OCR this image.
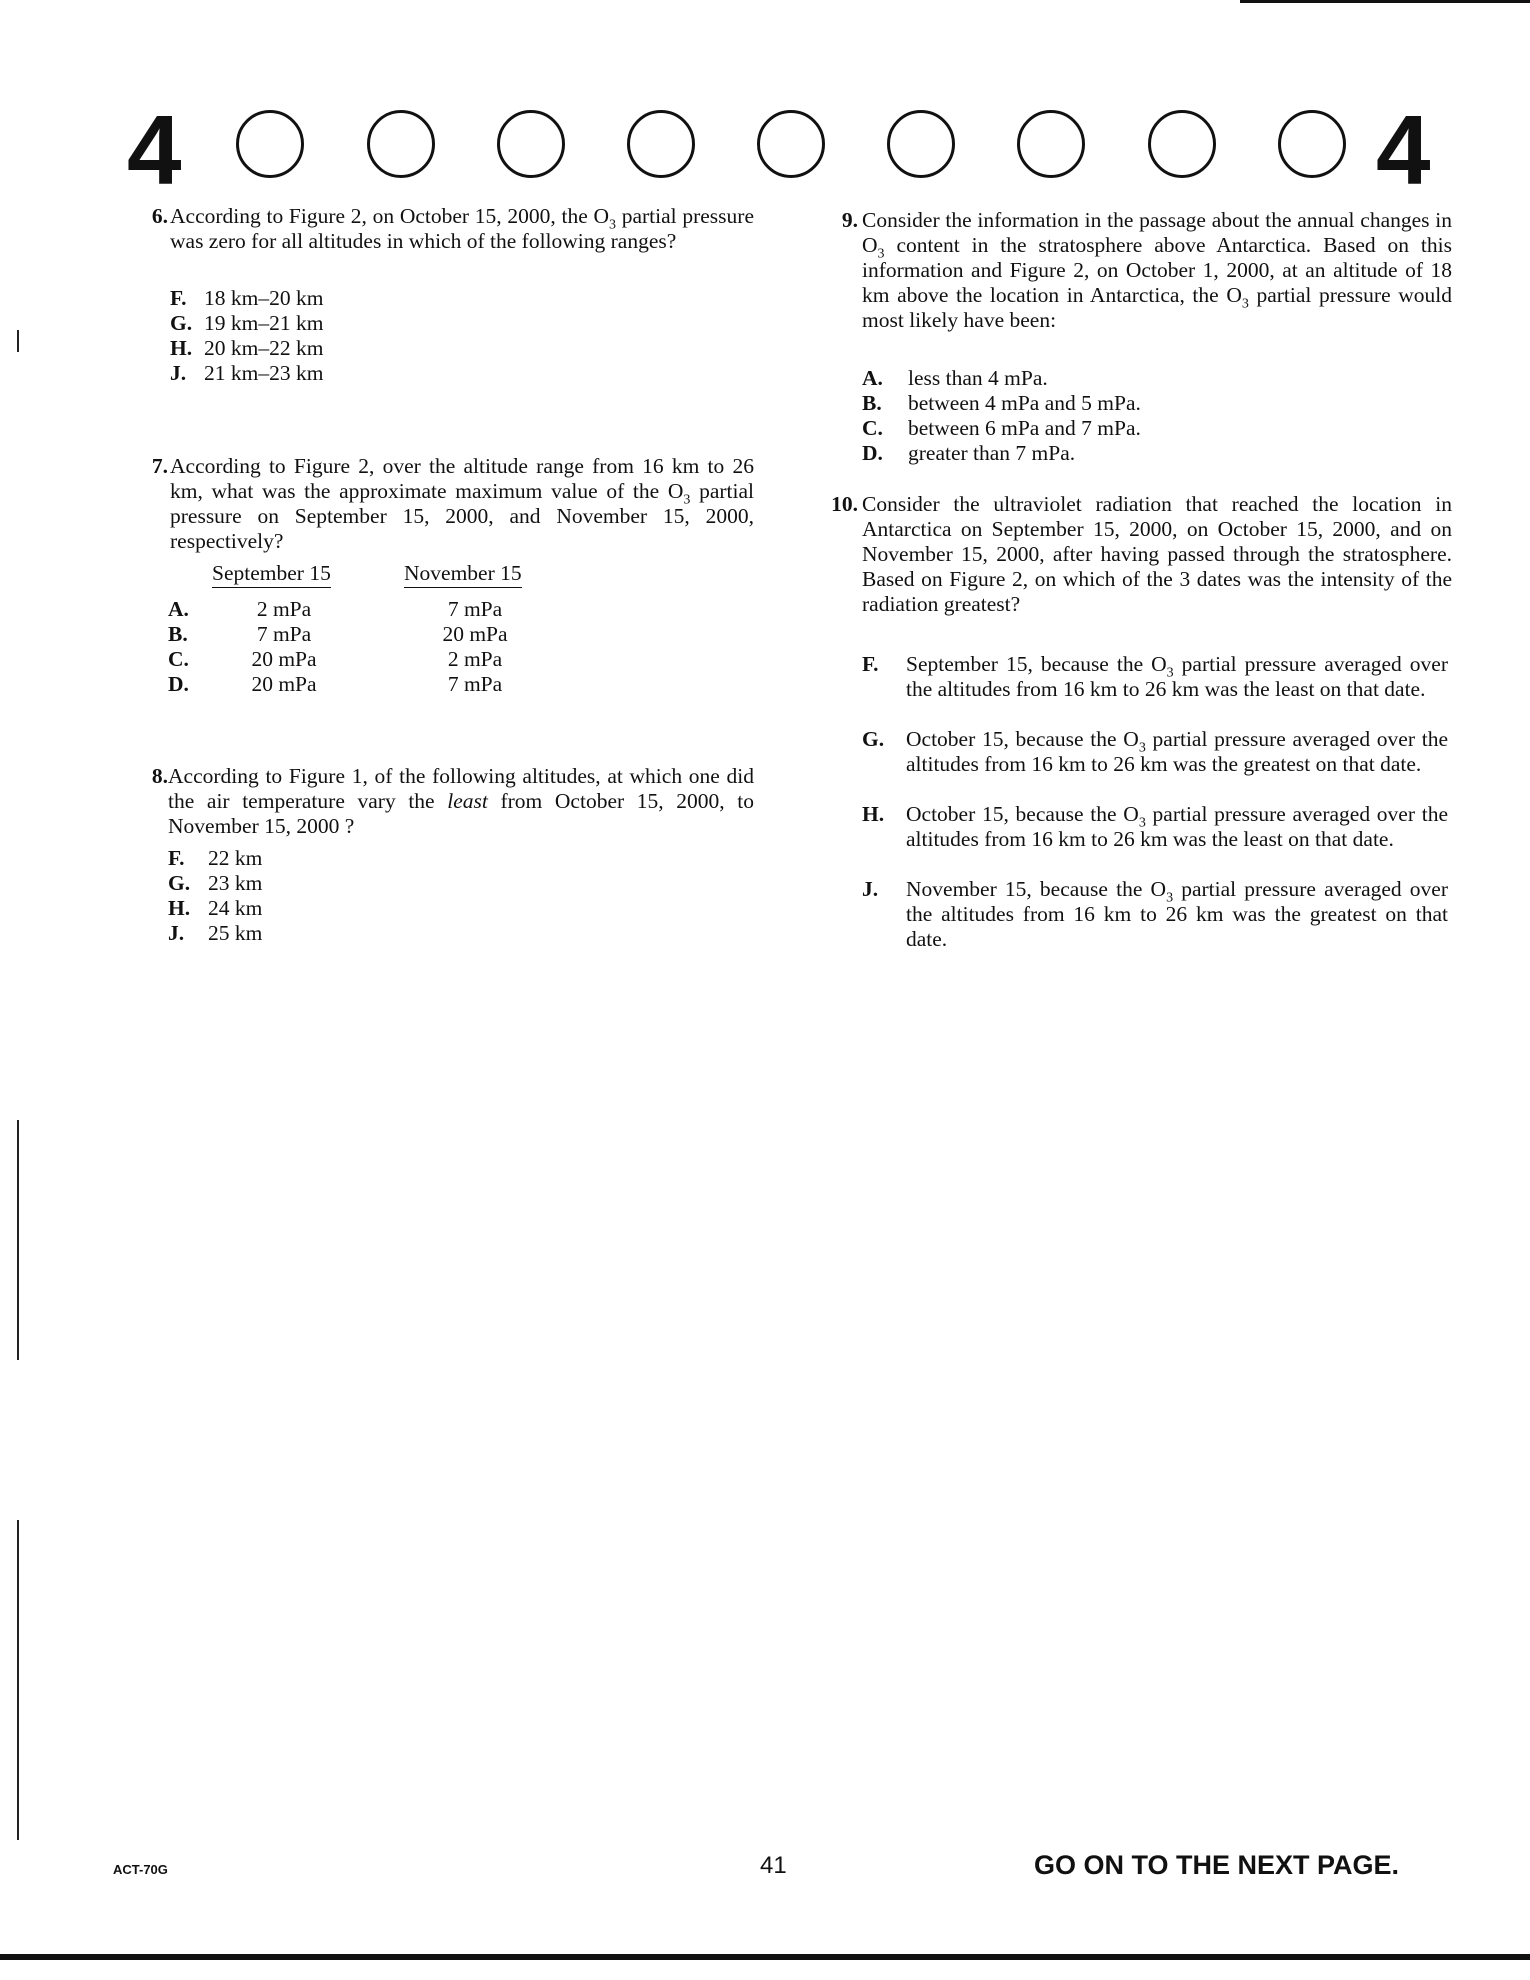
4	4
6. According to Figure 2, on October 15, 2000, the $O_3$ partial pressure was zero for all altitudes in which of the following ranges?
F. 18 km–20 km
G. 19 km–21 km
H. 20 km–22 km
J. 21 km–23 km
7. According to Figure 2, over the altitude range from 16 km to 26 km, what was the approximate maximum value of the $O_3$ partial pressure on September 15, 2000, and November 15, 2000, respectively?
September 15	November 15
A.	2 mPa	7 mPa
B.	7 mPa	20 mPa
C.	20 mPa	2 mPa
D.	20 mPa	7 mPa
8. According to Figure 1, of the following altitudes, at which one did the air temperature vary the least from October 15, 2000, to November 15, 2000 ?
F. 22 km
G. 23 km
H. 24 km
J. 25 km
9. Consider the information in the passage about the annual changes in $O_3$ content in the stratosphere above Antarctica. Based on this information and Figure 2, on October 1, 2000, at an altitude of 18 km above the location in Antarctica, the $O_3$ partial pressure would most likely have been:
A. less than 4 mPa.
B. between 4 mPa and 5 mPa.
C. between 6 mPa and 7 mPa.
D. greater than 7 mPa.
10. Consider the ultraviolet radiation that reached the location in Antarctica on September 15, 2000, on October 15, 2000, and on November 15, 2000, after having passed through the stratosphere. Based on Figure 2, on which of the 3 dates was the intensity of the radiation greatest?
F. September 15, because the $O_3$ partial pressure averaged over the altitudes from 16 km to 26 km was the least on that date.
G. October 15, because the $O_3$ partial pressure averaged over the altitudes from 16 km to 26 km was the greatest on that date.
H. October 15, because the $O_3$ partial pressure averaged over the altitudes from 16 km to 26 km was the least on that date.
J. November 15, because the $O_3$ partial pressure averaged over the altitudes from 16 km to 26 km was the greatest on that date.
ACT-70G	41	GO ON TO THE NEXT PAGE.
